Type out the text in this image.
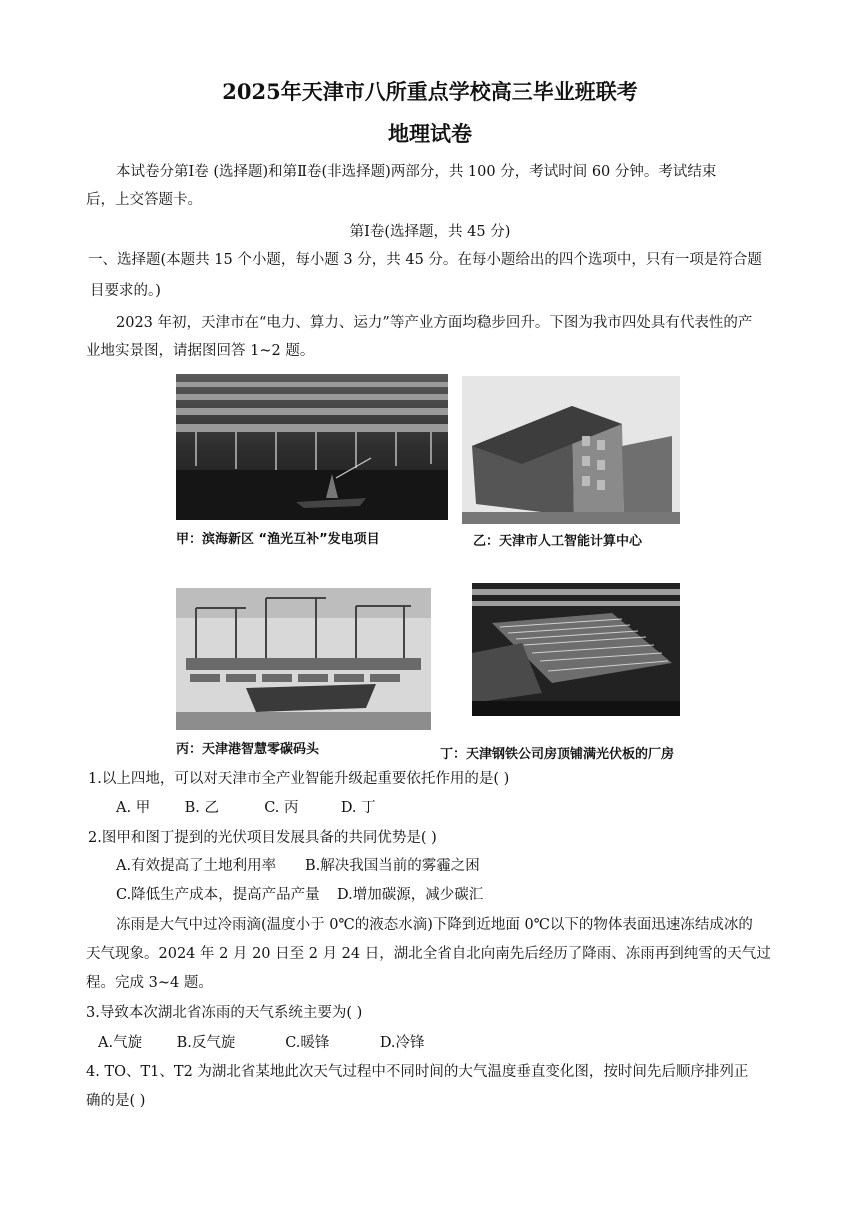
2025年天津市八所重点学校高三毕业班联考
地理试卷
本试卷分第Ⅰ卷 (选择题)和第Ⅱ卷(非选择题)两部分，共 100 分，考试时间 60 分钟。考试结束
后，上交答题卡。
第Ⅰ卷(选择题，共 45 分)
一、选择题(本题共 15 个小题，每小题 3 分，共 45 分。在每小题给出的四个选项中，只有一项是符合题
目要求的。)
2023 年初，天津市在“电力、算力、运力”等产业方面均稳步回升。下图为我市四处具有代表性的产
业地实景图，请据图回答 1~2 题。
甲：滨海新区 “渔光互补”发电项目	乙：天津市人工智能计算中心
丙：天津港智慧零碳码头	丁：天津钢铁公司房顶铺满光伏板的厂房
1.以上四地，可以对天津市全产业智能升级起重要依托作用的是( )
A. 甲 B. 乙	C. 丙	D. 丁
2.图甲和图丁提到的光伏项目发展具备的共同优势是( )
A.有效提高了土地利用率 B.解决我国当前的雾霾之困
C.降低生产成本，提高产品产量 D.增加碳源，减少碳汇
冻雨是大气中过冷雨滴(温度小于 0℃的液态水滴)下降到近地面 0℃以下的物体表面迅速冻结成冰的
天气现象。2024 年 2 月 20 日至 2 月 24 日，湖北全省自北向南先后经历了降雨、冻雨再到纯雪的天气过
程。完成 3~4 题。
3.导致本次湖北省冻雨的天气系统主要为( )
A.气旋 B.反气旋	C.暖锋	D.冷锋
4. TO、T1、T2 为湖北省某地此次天气过程中不同时间的大气温度垂直变化图，按时间先后顺序排列正
确的是( )
